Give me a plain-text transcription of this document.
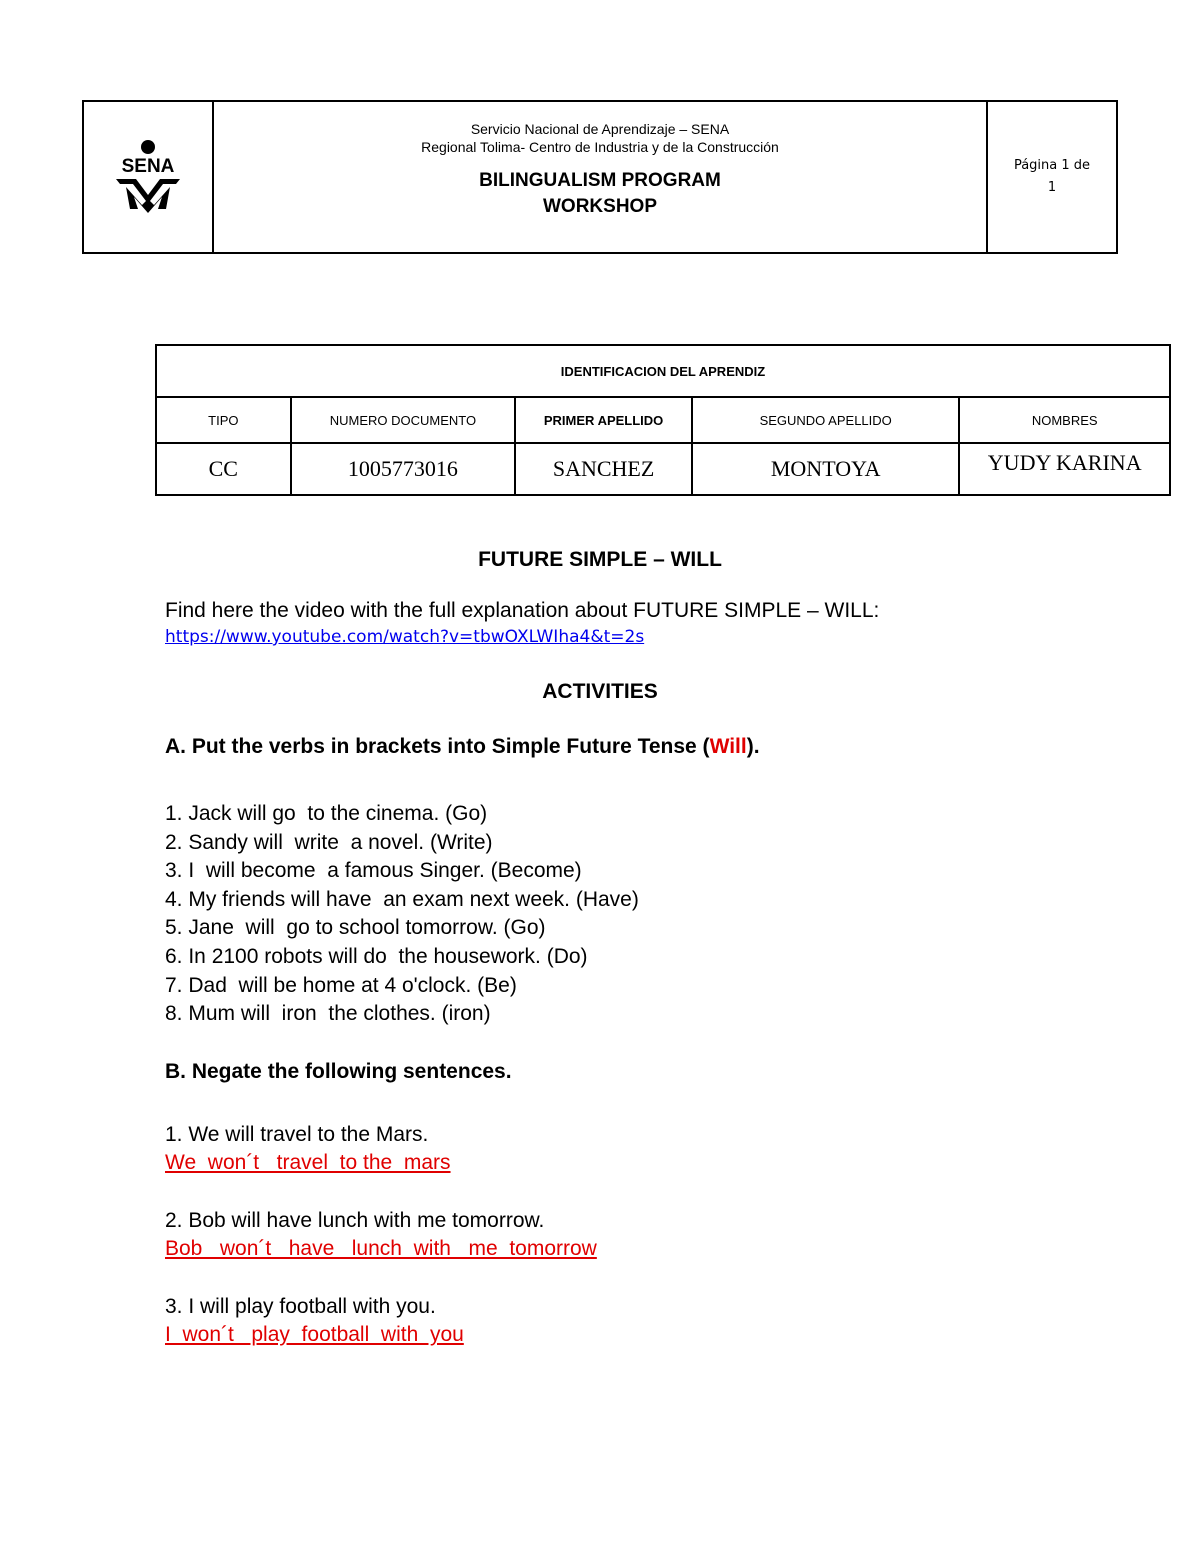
SENA
Servicio Nacional de Aprendizaje – SENA
Regional Tolima- Centro de Industria y de la Construcción
BILINGUALISM PROGRAM
WORKSHOP
Página 1 de
1
IDENTIFICACION DEL APRENDIZ				
TIPO	NUMERO DOCUMENTO	PRIMER APELLIDO	SEGUNDO APELLIDO	NOMBRES
CC	1005773016	SANCHEZ	MONTOYA	YUDY KARINA
FUTURE SIMPLE – WILL
Find here the video with the full explanation about FUTURE SIMPLE – WILL:
https://www.youtube.com/watch?v=tbwOXLWIha4&t=2s
ACTIVITIES
A. Put the verbs in brackets into Simple Future Tense (Will).
1. Jack will go  to the cinema. (Go)
2. Sandy will  write  a novel. (Write)
3. I  will become  a famous Singer. (Become)
4. My friends will have  an exam next week. (Have)
5. Jane  will  go to school tomorrow. (Go)
6. In 2100 robots will do  the housework. (Do)
7. Dad  will be home at 4 o'clock. (Be)
8. Mum will  iron  the clothes. (iron)
B. Negate the following sentences.
1. We will travel to the Mars.
We  won´t   travel  to the  mars
2. Bob will have lunch with me tomorrow.
Bob   won´t   have   lunch  with   me  tomorrow
3. I will play football with you.
I  won´t   play  football  with  you
